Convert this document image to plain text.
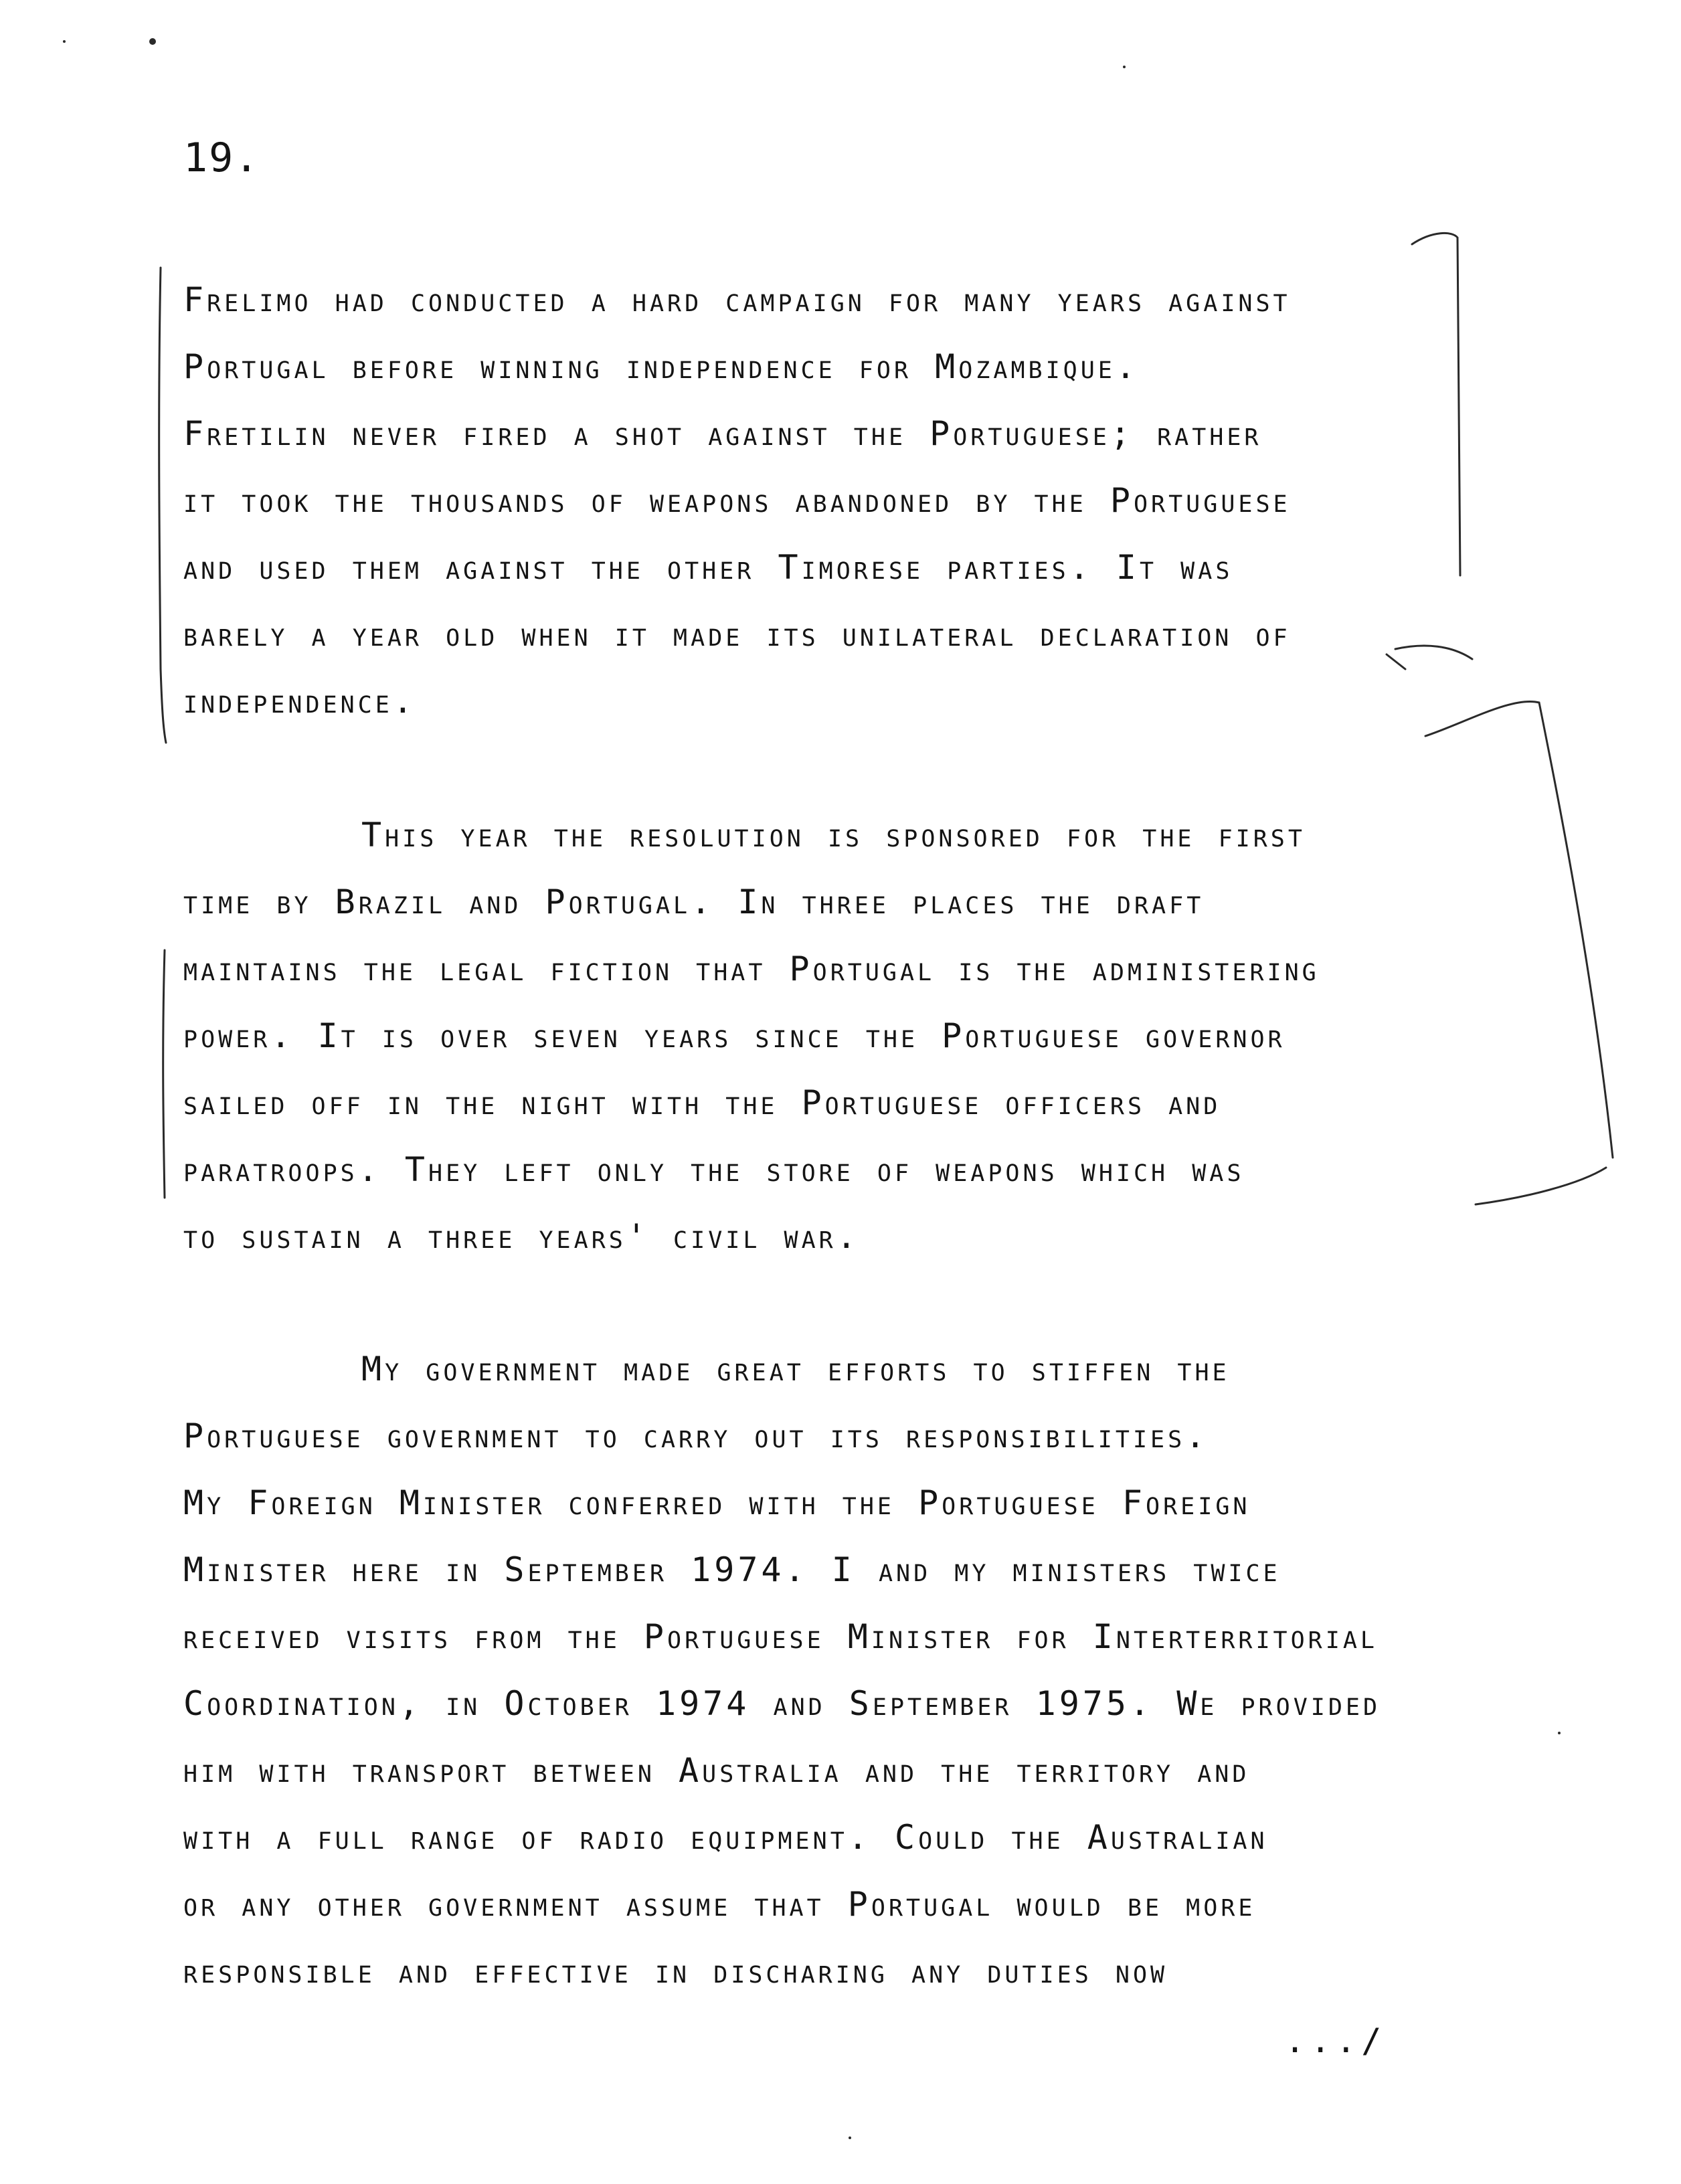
19.
Frelimo had conducted a hard campaign for many years against
Portugal before winning independence for Mozambique.
Fretilin never fired a shot against the Portuguese; rather
it took the thousands of weapons abandoned by the Portuguese
and used them against the other Timorese parties. It was
barely a year old when it made its unilateral declaration of
independence.
This year the resolution is sponsored for the first
time by Brazil and Portugal. In three places the draft
maintains the legal fiction that Portugal is the administering
power. It is over seven years since the Portuguese governor
sailed off in the night with the Portuguese officers and
paratroops. They left only the store of weapons which was
to sustain a three years' civil war.
My government made great efforts to stiffen the
Portuguese government to carry out its responsibilities.
My Foreign Minister conferred with the Portuguese Foreign
Minister here in September 1974. I and my ministers twice
received visits from the Portuguese Minister for Interterritorial
Coordination, in October 1974 and September 1975. We provided
him with transport between Australia and the territory and
with a full range of radio equipment. Could the Australian
or any other government assume that Portugal would be more
responsible and effective in discharing any duties now
.../
